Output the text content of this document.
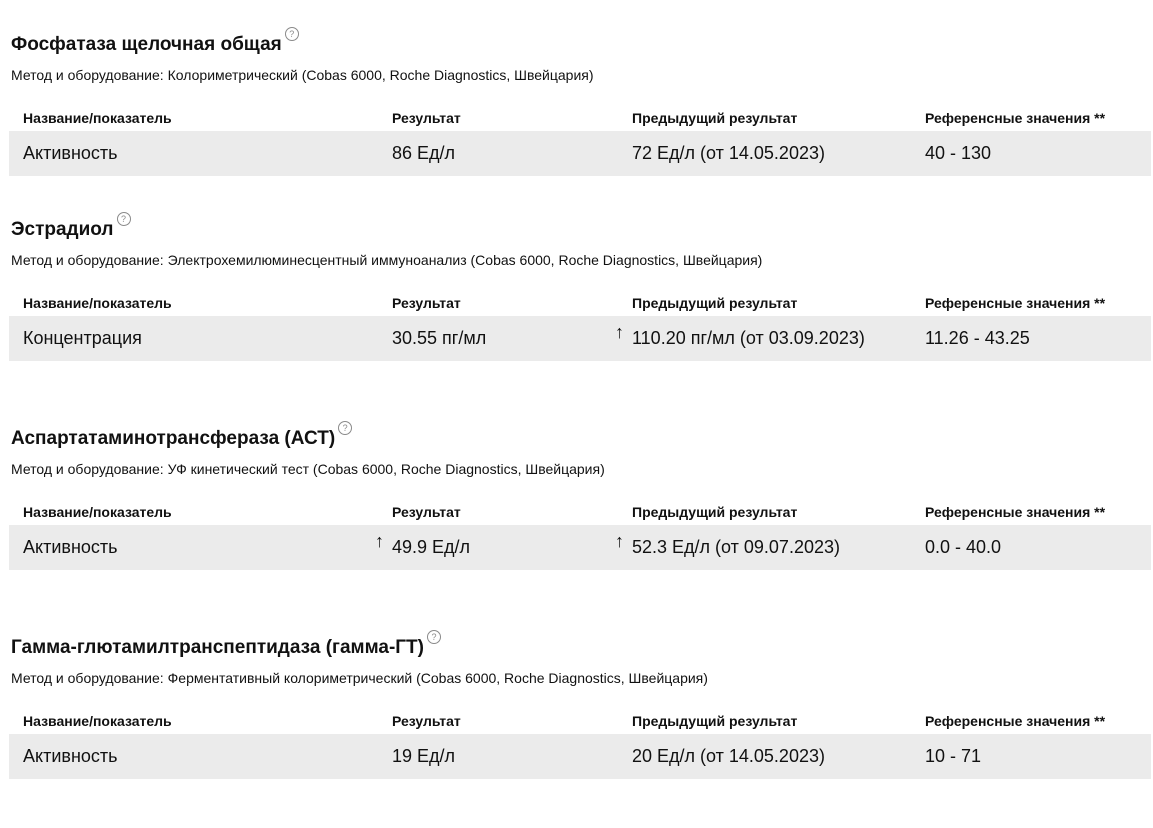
Фосфатаза щелочная общая ?
Метод и оборудование: Колориметрический (Cobas 6000, Roche Diagnostics, Швейцария)
Название/показатель	Результат	Предыдущий результат	Референсные значения **
Активность	86 Ед/л	72 Ед/л (от 14.05.2023)	40 - 130
Эстрадиол ?
Метод и оборудование: Электрохемилюминесцентный иммуноанализ (Cobas 6000, Roche Diagnostics, Швейцария)
Название/показатель	Результат	Предыдущий результат	Референсные значения **
Концентрация	30.55 пг/мл	↑ 110.20 пг/мл (от 03.09.2023)	11.26 - 43.25
Аспартатаминотрансфераза (АСТ) ?
Метод и оборудование: УФ кинетический тест (Cobas 6000, Roche Diagnostics, Швейцария)
Название/показатель	Результат	Предыдущий результат	Референсные значения **
Активность	↑ 49.9 Ед/л	↑ 52.3 Ед/л (от 09.07.2023)	0.0 - 40.0
Гамма-глютамилтранспептидаза (гамма-ГТ) ?
Метод и оборудование: Ферментативный колориметрический (Cobas 6000, Roche Diagnostics, Швейцария)
Название/показатель	Результат	Предыдущий результат	Референсные значения **
Активность	19 Ед/л	20 Ед/л (от 14.05.2023)	10 - 71
